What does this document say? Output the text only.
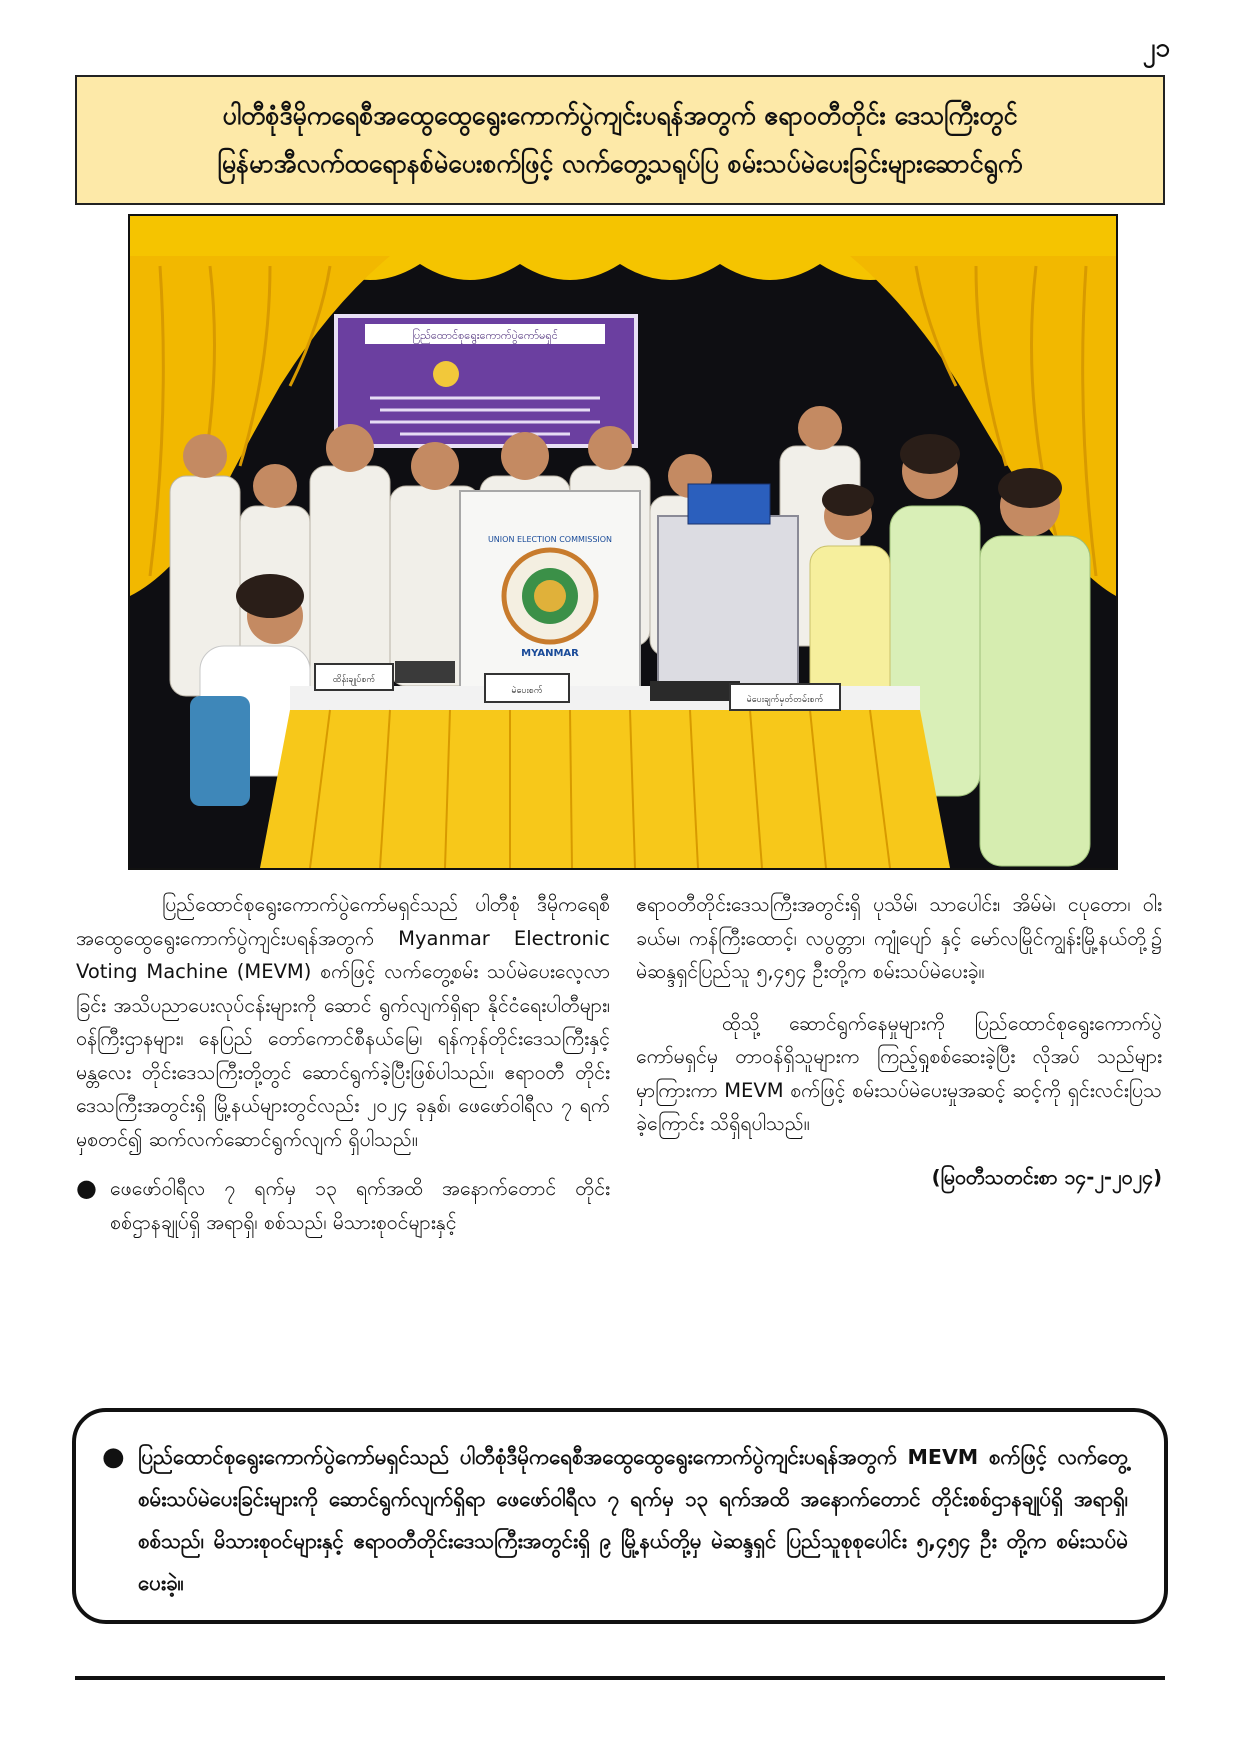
၂၁
ပါတီစုံဒီမိုကရေစီအထွေထွေရွေးကောက်ပွဲကျင်းပရန်အတွက် ဧရာဝတီတိုင်း ဒေသကြီးတွင်
မြန်မာအီလက်ထရောနစ်မဲပေးစက်ဖြင့် လက်တွေ့သရုပ်ပြ စမ်းသပ်မဲပေးခြင်းများဆောင်ရွက်
ပြည်ထောင်စုရွေးကောက်ပွဲကော်မရှင်
UNION ELECTION COMMISSION
MYANMAR
ထိန်းချုပ်စက်
မဲပေးစက်
မဲပေးချက်မှတ်တမ်းစက်

ပြည်ထောင်စုရွေးကောက်ပွဲကော်မရှင်သည် ပါတီစုံ ဒီမိုကရေစီအထွေထွေရွေးကောက်ပွဲကျင်းပရန်အတွက် Myanmar Electronic Voting Machine (MEVM) စက်ဖြင့် လက်တွေ့စမ်း သပ်မဲပေးလေ့လာခြင်း အသိပညာပေးလုပ်ငန်းများကို ဆောင် ရွက်လျက်ရှိရာ နိုင်ငံရေးပါတီများ၊ ဝန်ကြီးဌာနများ၊ နေပြည် တော်ကောင်စီနယ်မြေ၊ ရန်ကုန်တိုင်းဒေသကြီးနှင့် မန္တလေး တိုင်းဒေသကြီးတို့တွင် ဆောင်ရွက်ခဲ့ပြီးဖြစ်ပါသည်။ ဧရာဝတီ တိုင်းဒေသကြီးအတွင်းရှိ မြို့နယ်များတွင်လည်း ၂၀၂၄ ခုနှစ်၊ ဖေဖော်ဝါရီလ ၇ ရက်မှစတင်၍ ဆက်လက်ဆောင်ရွက်လျက် ရှိပါသည်။

● ဖေဖော်ဝါရီလ ၇ ရက်မှ ၁၃ ရက်အထိ အနောက်တောင် တိုင်းစစ်ဌာနချုပ်ရှိ အရာရှိ၊ စစ်သည်၊ မိသားစုဝင်များနှင့်

ဧရာဝတီတိုင်းဒေသကြီးအတွင်းရှိ ပုသိမ်၊ သာပေါင်း၊ အိမ်မဲ၊ ငပုတော၊ ဝါးခယ်မ၊ ကန်ကြီးထောင့်၊ လပွတ္တာ၊ ကျုံပျော် နှင့် မော်လမြိုင်ကျွန်းမြို့နယ်တို့၌ မဲဆန္ဒရှင်ပြည်သူ ၅,၄၅၄ ဦးတို့က စမ်းသပ်မဲပေးခဲ့။

ထိုသို့ ဆောင်ရွက်နေမှုများကို ပြည်ထောင်စုရွေးကောက်ပွဲ ကော်မရှင်မှ တာဝန်ရှိသူများက ကြည့်ရှုစစ်ဆေးခဲ့ပြီး လိုအပ် သည်များ မှာကြားကာ MEVM စက်ဖြင့် စမ်းသပ်မဲပေးမှုအဆင့် ဆင့်ကို ရှင်းလင်းပြသခဲ့ကြောင်း သိရှိရပါသည်။

(မြဝတီသတင်းစာ ၁၄-၂-၂၀၂၄)

● ပြည်ထောင်စုရွေးကောက်ပွဲကော်မရှင်သည် ပါတီစုံဒီမိုကရေစီအထွေထွေရွေးကောက်ပွဲကျင်းပရန်အတွက် MEVM စက်ဖြင့် လက်တွေ့စမ်းသပ်မဲပေးခြင်းများကို ဆောင်ရွက်လျက်ရှိရာ ဖေဖော်ဝါရီလ ၇ ရက်မှ ၁၃ ရက်အထိ အနောက်တောင် တိုင်းစစ်ဌာနချုပ်ရှိ အရာရှိ၊ စစ်သည်၊ မိသားစုဝင်များနှင့် ဧရာဝတီတိုင်းဒေသကြီးအတွင်းရှိ ၉ မြို့နယ်တို့မှ မဲဆန္ဒရှင် ပြည်သူစုစုပေါင်း ၅,၄၅၄ ဦး တို့က စမ်းသပ်မဲပေးခဲ့။
